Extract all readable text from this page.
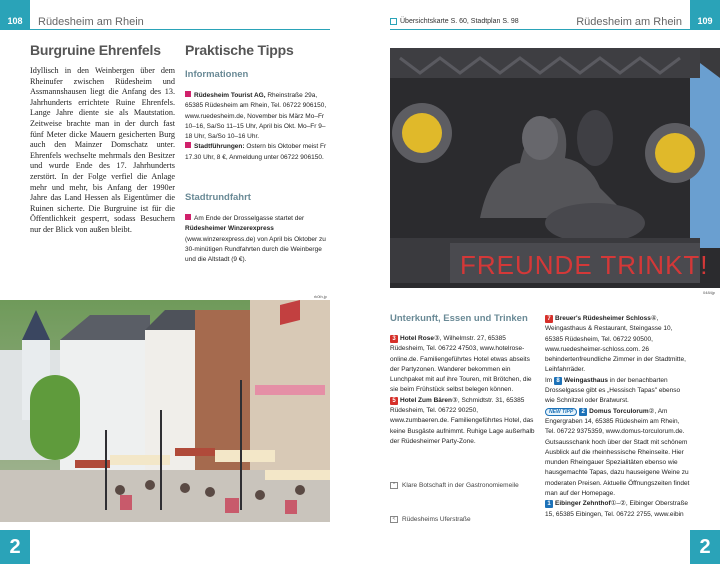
108 Rüdesheim am Rhein
Burgruine Ehrenfels
Idyllisch in den Weinbergen über dem Rheinufer zwischen Rüdesheim und Assmannshausen liegt die Anfang des 13. Jahrhunderts errichtete Ruine Ehrenfels. Lange Jahre diente sie als Mautstation. Zeitweise brachte man in der durch fast fünf Meter dicke Mauern gesicherten Burg auch den Mainzer Domschatz unter. Ehrenfels wechselte mehrmals den Besitzer und wurde Ende des 17. Jahrhunderts zerstört. In der Folge verfiel die Anlage mehr und mehr, bis Anfang der 1990er Jahre das Land Hessen als Eigentümer die Ruinen sicherte. Die Burgruine ist für die Öffentlichkeit gesperrt, sodass Besuchern nur der Blick von außen bleibt.
Praktische Tipps
Informationen
Rüdesheim Tourist AG, Rheinstraße 29a, 65385 Rüdesheim am Rhein, Tel. 06722 906150, www.ruedesheim.de, November bis März Mo–Fr 10–16, Sa/So 11–15 Uhr, April bis Okt. Mo–Fr 9–18 Uhr, Sa/So 10–16 Uhr.
Stadtführungen: Ostern bis Oktober meist Fr 17.30 Uhr, 8 €, Anmeldung unter 06722 906150.
Stadtrundfahrt
Am Ende der Drosselgasse startet der Rüdesheimer Winzerexpress (www.winzerexpress.de) von April bis Oktober zu 30-minütigen Rundfahrten durch die Weinberge und die Altstadt (9 €).
rk0ih.jp
2
109
Übersichtskarte S. 60, Stadtplan S. 98	Rüdesheim am Rhein
FREUNDE TRINKT!
0484jp
Unterkunft, Essen und Trinken
3 Hotel Rose③, Wilhelmstr. 27, 65385 Rüdesheim, Tel. 06722 47503, www.hotelrose-online.de. Familiengeführtes Hotel etwas abseits der Partyzonen. Wanderer bekommen ein Lunchpaket mit auf ihre Touren, mit Brötchen, die sie beim Frühstück selbst belegen können.
5 Hotel Zum Bären③, Schmidtstr. 31, 65385 Rüdesheim, Tel. 06722 90250, www.zumbaeren.de. Familiengeführtes Hotel, das keine Busgäste aufnimmt. Ruhige Lage außerhalb der Rüdesheimer Party-Zone.
^	Klare Botschaft in der Gastronomiemeile
<	Rüdesheims Uferstraße
7 Breuer's Rüdesheimer Schloss④, Weingasthaus & Restaurant, Steingasse 10, 65385 Rüdesheim, Tel. 06722 90500, www.ruedesheimer-schloss.com. 26 behindertenfreundliche Zimmer in der Stadtmitte, Leihfahrräder.
Im 8 Weingasthaus in der benachbarten Drosselgasse gibt es „Hessisch Tapas" ebenso wie Schnitzel oder Bratwurst.
NEW TIPP 2 Domus Torculorum②, Am Engergraben 14, 65385 Rüdesheim am Rhein, Tel. 06722 9375359, www.domus-torculorum.de. Gutsausschank hoch über der Stadt mit schönem Ausblick auf die rheinhessische Rheinseite. Hier munden Rheingauer Spezialitäten ebenso wie hausgemachte Tapas, dazu hauseigene Weine zu moderaten Preisen. Aktuelle Öffnungszeiten findet man auf der Homepage.
1 Eibinger Zehnthof①–②, Eibinger Oberstraße 15, 65385 Eibingen, Tel. 06722 2755, www.eibin
2
